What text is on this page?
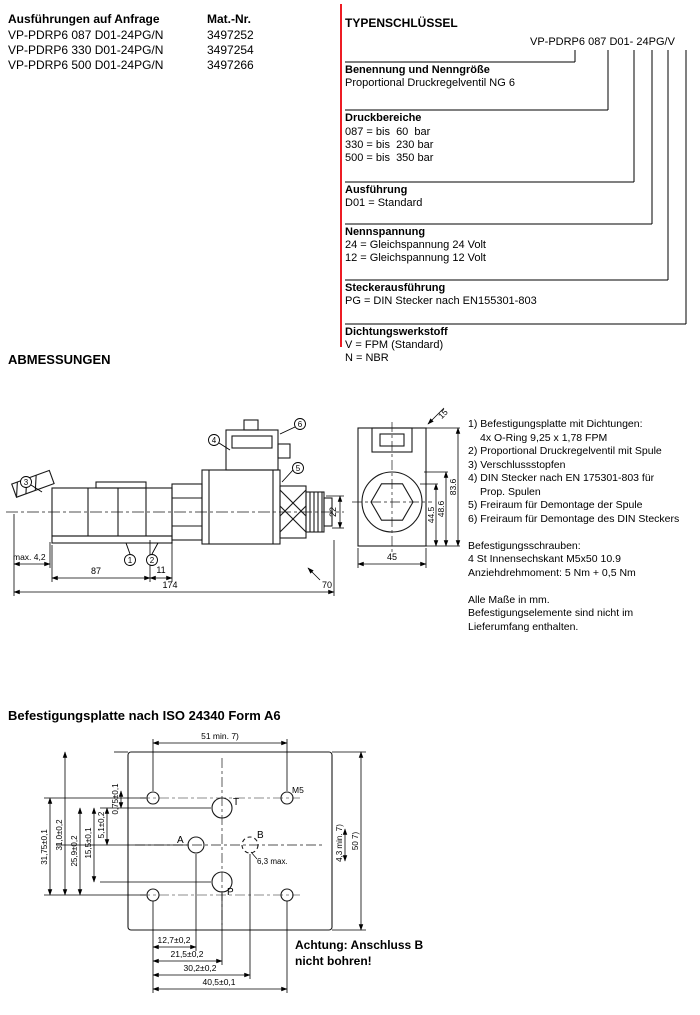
Ausführungen auf Anfrage	Mat.-Nr.
VP-PDRP6 087 D01-24PG/N	3497252
VP-PDRP6 330 D01-24PG/N	3497254
VP-PDRP6 500 D01-24PG/N	3497266
TYPENSCHLÜSSEL
VP-PDRP6 087 D01- 24PG/V
Benennung und Nenngröße
Proportional Druckregelventil NG 6
Druckbereiche
087 = bis  60  bar
330 = bis  230 bar
500 = bis  350 bar
Ausführung
D01 = Standard
Nennspannung
24 = Gleichspannung 24 Volt
12 = Gleichspannung 12 Volt
Steckerausführung
PG = DIN Stecker nach EN155301-803
Dichtungswerkstoff
V = FPM (Standard)
N = NBR
ABMESSUNGEN
max. 4,2
87	11
174
22
70
1 2
3
4
5
6
15
45
44.5 48.6
83.6
1) Befestigungsplatte mit Dichtungen:
4x O-Ring 9,25 x 1,78 FPM
2) Proportional Druckregelventil mit Spule
3) Verschlussstopfen
4) DIN Stecker nach EN 175301-803 für
Prop. Spulen
5) Freiraum für Demontage der Spule
6) Freiraum für Demontage des DIN Steckers
Befestigungsschrauben:
4 St Innensechskant M5x50 10.9
Anziehdrehmoment: 5 Nm + 0,5 Nm
Alle Maße in mm.
Befestigungselemente sind nicht im
Lieferumfang enthalten.
Befestigungsplatte nach ISO 24340 Form A6
T
A	B
P
M5
6,3 max.
51 min. 7)
0,75±0,1
5,1±0,2
15,5±0,1
25,9±0,2
31,0±0,2
31,75±0,1	4,3 min. 7) 50 7)
12,7±0,2
21,5±0,2
30,2±0,2
40,5±0,1
Achtung: Anschluss B
nicht bohren!
